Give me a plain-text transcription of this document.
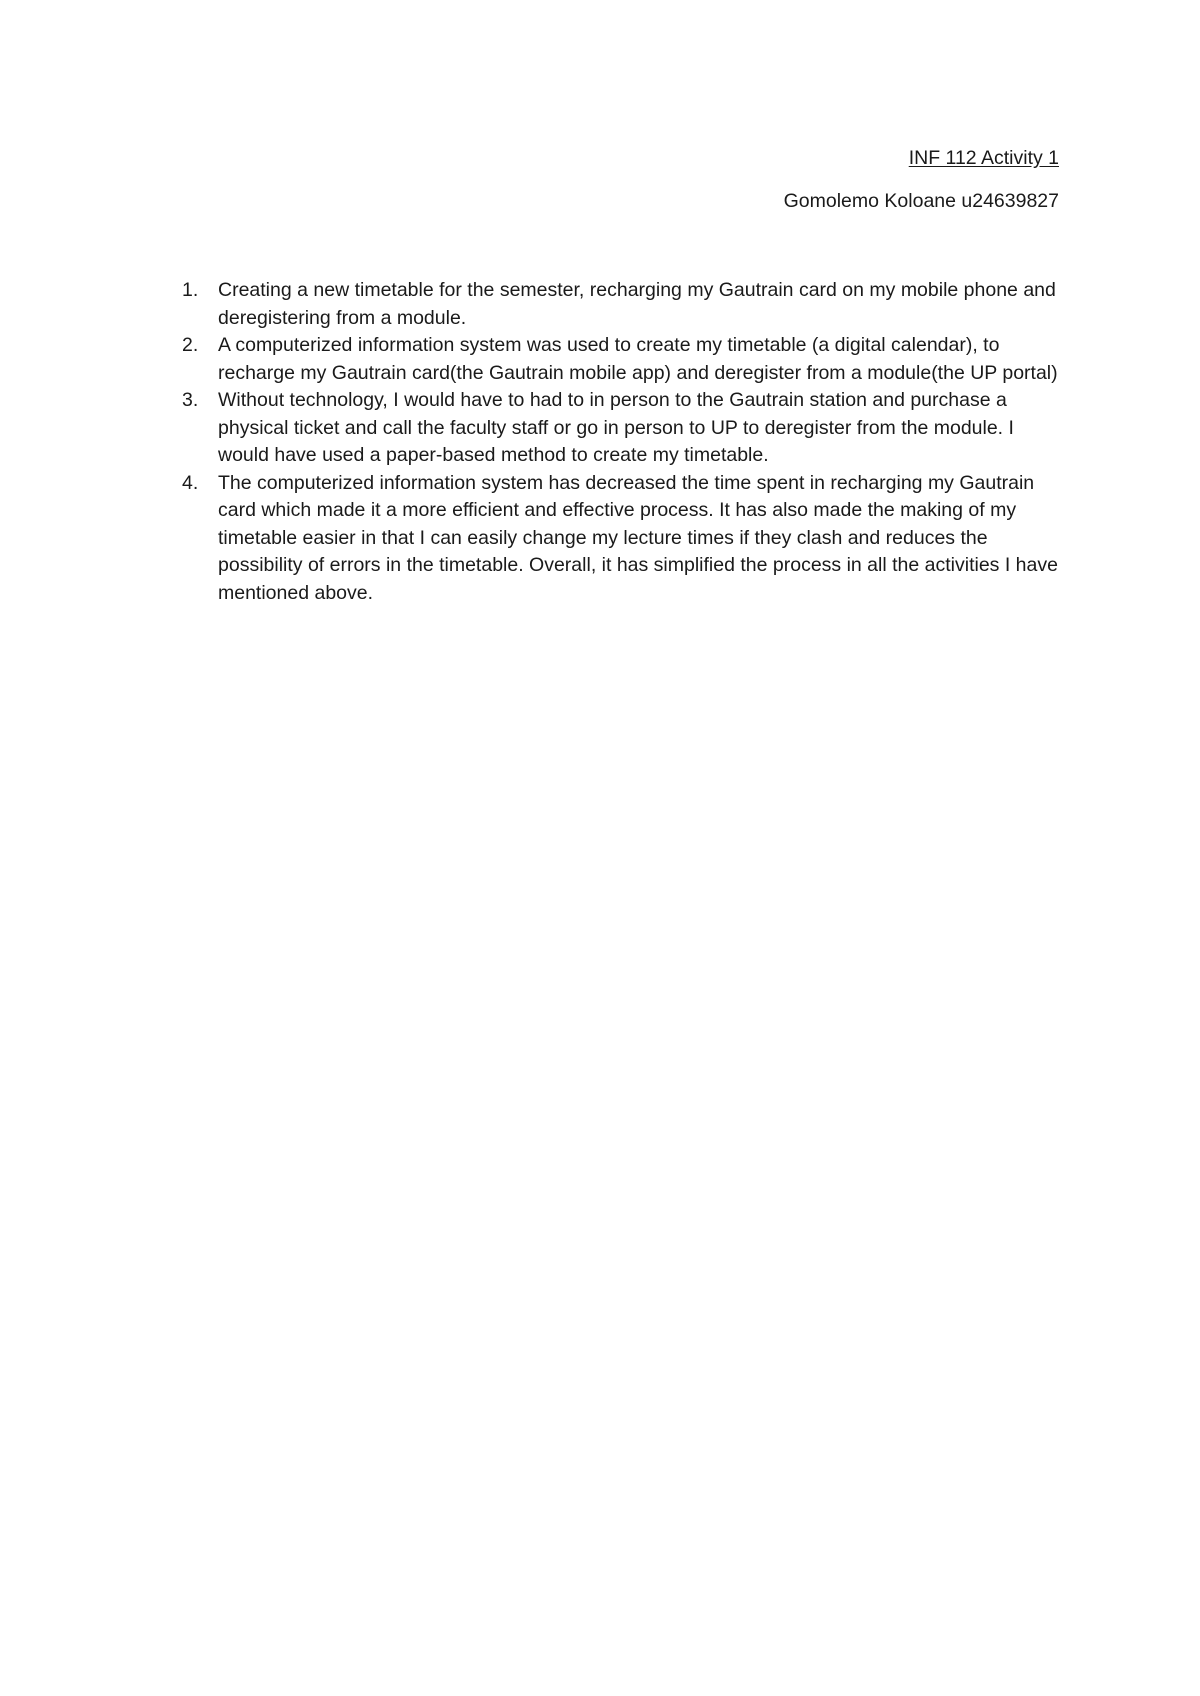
INF 112 Activity 1
Gomolemo Koloane u24639827
1.	Creating a new timetable for the semester, recharging my Gautrain card on my mobile phone and deregistering from a module.
2.	A computerized information system was used to create my timetable (a digital calendar), to recharge my Gautrain card(the Gautrain mobile app) and deregister from a module(the UP portal)
3.	Without technology, I would have to had to in person to the Gautrain station and purchase a physical ticket and call the faculty staff or go in person to UP to deregister from the module. I would have used a paper-based method to create my timetable.
4.	The computerized information system has decreased the time spent in recharging my Gautrain card which made it a more efficient and effective process. It has also made the making of my timetable easier in that I can easily change my lecture times if they clash and reduces the possibility of errors in the timetable. Overall, it has simplified the process in all the activities I have mentioned above.
